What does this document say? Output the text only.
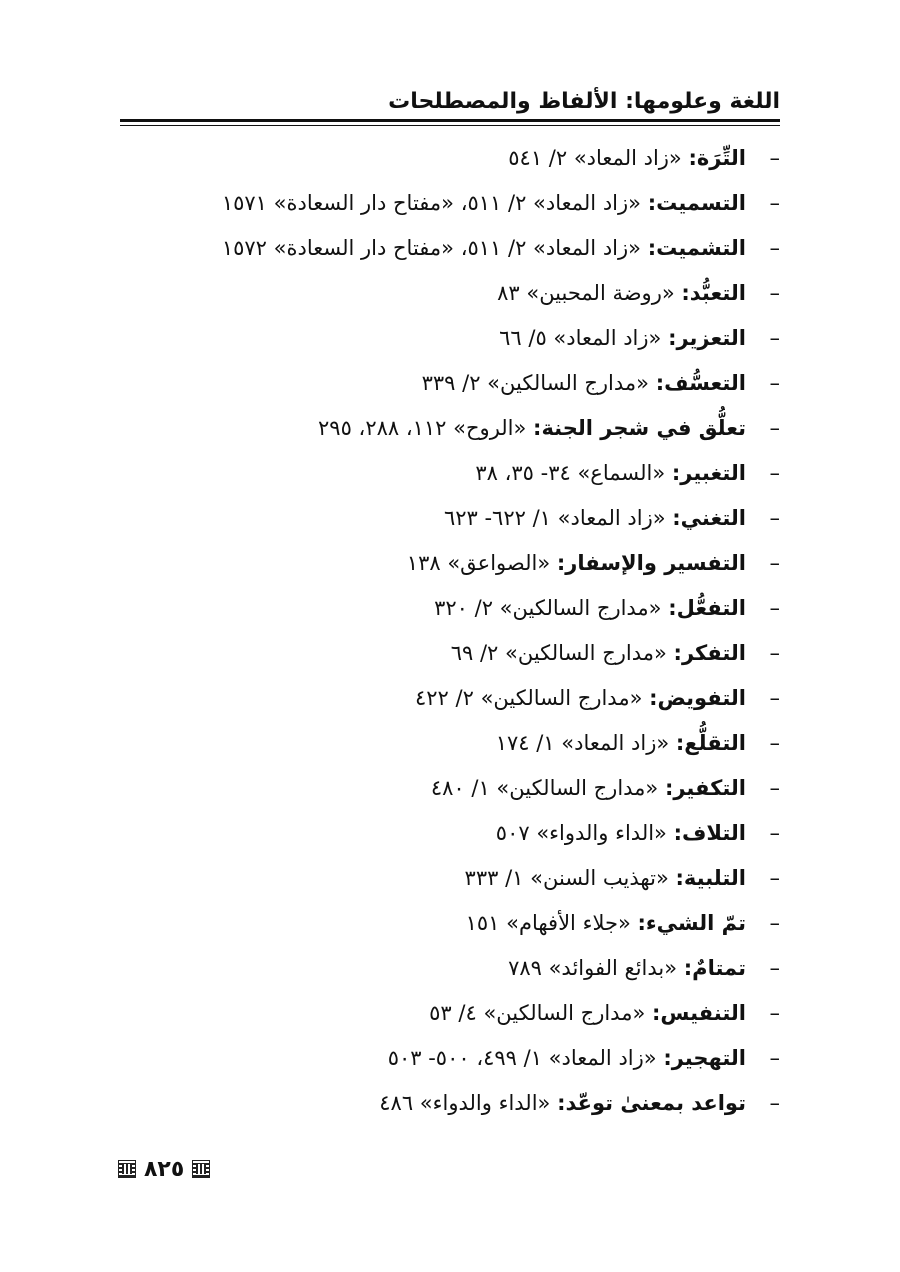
اللغة وعلومها: الألفاظ والمصطلحات
–التِّرَة: «زاد المعاد» ٢/ ٥٤١
–التسميت: «زاد المعاد» ٢/ ٥١١، «مفتاح دار السعادة» ١٥٧١
–التشميت: «زاد المعاد» ٢/ ٥١١، «مفتاح دار السعادة» ١٥٧٢
–التعبُّد: «روضة المحبين» ٨٣
–التعزير: «زاد المعاد» ٥/ ٦٦
–التعسُّف: «مدارج السالكين» ٢/ ٣٣٩
–تعلُّق في شجر الجنة: «الروح» ١١٢، ٢٨٨، ٢٩٥
–التغبير: «السماع» ٣٤- ٣٥، ٣٨
–التغني: «زاد المعاد» ١/ ٦٢٢- ٦٢٣
–التفسير والإسفار: «الصواعق» ١٣٨
–التفعُّل: «مدارج السالكين» ٢/ ٣٢٠
–التفكر: «مدارج السالكين» ٢/ ٦٩
–التفويض: «مدارج السالكين» ٢/ ٤٢٢
–التقلُّع: «زاد المعاد» ١/ ١٧٤
–التكفير: «مدارج السالكين» ١/ ٤٨٠
–التلاف: «الداء والدواء» ٥٠٧
–التلبية: «تهذيب السنن» ١/ ٣٣٣
–تمّ الشيء: «جلاء الأفهام» ١٥١
–تمتامٌ: «بدائع الفوائد» ٧٨٩
–التنفيس: «مدارج السالكين» ٤/ ٥٣
–التهجير: «زاد المعاد» ١/ ٤٩٩، ٥٠٠- ٥٠٣
–تواعد بمعنىٰ توعّد: «الداء والدواء» ٤٨٦
٨٢٥
